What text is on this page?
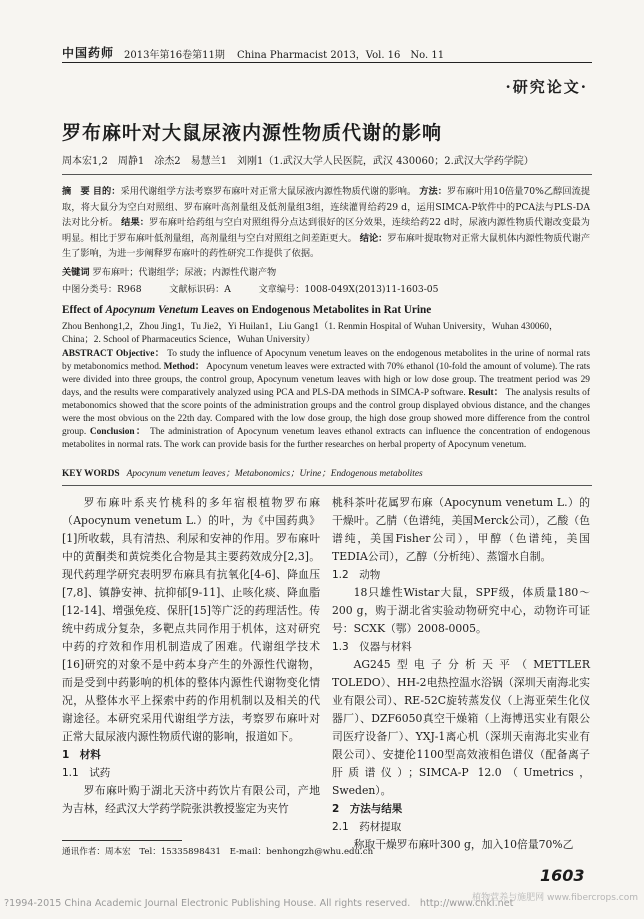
中国药师 2013年第16卷第11期 China Pharmacist 2013，Vol. 16　No. 11
·研究论文·
罗布麻叶对大鼠尿液内源性物质代谢的影响
周本宏1,2　周静1　凃杰2　易慧兰1　刘刚1（1.武汉大学人民医院，武汉 430060；2.武汉大学药学院）
摘　要 目的：采用代谢组学方法考察罗布麻叶对正常大鼠尿液内源性物质代谢的影响。 方法：罗布麻叶用10倍量70%乙醇回流提取，将大鼠分为空白对照组、罗布麻叶高剂量组及低剂量组3组，连续灌胃给药29 d，运用SIMCA-P软件中的PCA法与PLS-DA法对比分析。 结果：罗布麻叶给药组与空白对照组得分点达到很好的区分效果，连续给药22 d时，尿液内源性物质代谢改变最为明显。相比于罗布麻叶低剂量组，高剂量组与空白对照组之间差距更大。 结论：罗布麻叶提取物对正常大鼠机体内源性物质代谢产生了影响，为进一步阐释罗布麻叶的药性研究工作提供了依据。
关键词 罗布麻叶；代谢组学；尿液；内源性代谢产物
中图分类号：R968　　　文献标识码：A　　　文章编号：1008-049X(2013)11-1603-05
Effect of Apocynum Venetum Leaves on Endogenous Metabolites in Rat Urine
Zhou Benhong1,2，Zhou Jing1，Tu Jie2，Yi Huilan1，Liu Gang1（1. Renmin Hospital of Wuhan University，Wuhan 430060，China；2. School of Pharmaceutics Science，Wuhan University）
ABSTRACT Objective： To study the influence of Apocynum venetum leaves on the endogenous metabolites in the urine of normal rats by metabonomics method. Method： Apocynum venetum leaves were extracted with 70% ethanol (10-fold the amount of volume). The rats were divided into three groups, the control group, Apocynum venetum leaves with high or low dose group. The treatment period was 29 days, and the results were comparatively analyzed using PCA and PLS-DA methods in SIMCA-P software. Result： The analysis results of metabonomics showed that the score points of the administration groups and the control group displayed obvious distance, and the changes were the most obvious on the 22th day. Compared with the low dose group, the high dose group showed more difference from the control group. Conclusion： The administration of Apocynum venetum leaves ethanol extracts can influence the concentration of endogenous metabolites in normal rats. The work can provide basis for the further researches on herbal property of Apocynum venetum.
KEY WORDS Apocynum venetum leaves；Metabonomics；Urine；Endogenous metabolites

罗布麻叶系夹竹桃科的多年宿根植物罗布麻（Apocynum venetum L.）的叶，为《中国药典》[1]所收载，具有清热、利尿和安神的作用。罗布麻叶中的黄酮类和黄烷类化合物是其主要药效成分[2,3]。现代药理学研究表明罗布麻具有抗氧化[4-6]、降血压[7,8]、镇静安神、抗抑郁[9-11]、止咳化痰、降血脂[12-14]、增强免疫、保肝[15]等广泛的药理活性。传统中药成分复杂，多靶点共同作用于机体，这对研究中药的疗效和作用机制造成了困难。代谢组学技术[16]研究的对象不是中药本身产生的外源性代谢物，而是受到中药影响的机体的整体内源性代谢物变化情况，从整体水平上探索中药的作用机制以及相关的代谢途径。本研究采用代谢组学方法，考察罗布麻叶对正常大鼠尿液内源性物质代谢的影响，报道如下。

1　材料

1.1　试药

罗布麻叶购于湖北天济中药饮片有限公司，产地为吉林，经武汉大学药学院张洪教授鉴定为夹竹

桃科茶叶花属罗布麻（Apocynum venetum L.）的干燥叶。乙腈（色谱纯，美国Merck公司），乙酸（色谱纯，美国Fisher公司），甲醇（色谱纯，美国TEDIA公司），乙醇（分析纯）、蒸馏水自制。

1.2　动物

18只雄性Wistar大鼠，SPF级，体质量180～200 g，购于湖北省实验动物研究中心，动物许可证号：SCXK（鄂）2008-0005。

1.3　仪器与材料

AG245型电子分析天平（METTLER TOLEDO）、HH-2电热控温水浴锅（深圳天南海北实业有限公司）、RE-52C旋转蒸发仪（上海亚荣生化仪器厂）、DZF6050真空干燥箱（上海博迅实业有限公司医疗设备厂）、YXJ-1离心机（深圳天南海北实业有限公司）、安捷伦1100型高效液相色谱仪（配备离子肝质谱仪）；SIMCA-P 12.0（Umetrics，Sweden）。

2　方法与结果

2.1　药材提取

称取干燥罗布麻叶300 g，加入10倍量70%乙

通讯作者：周本宏　Tel：15335898431　E-mail：benhongzh@whu.edu.cn
1603
?1994-2015 China Academic Journal Electronic Publishing House. All rights reserved.　http://www.cnki.net
植物营养与施肥网 www.fibercrops.com
